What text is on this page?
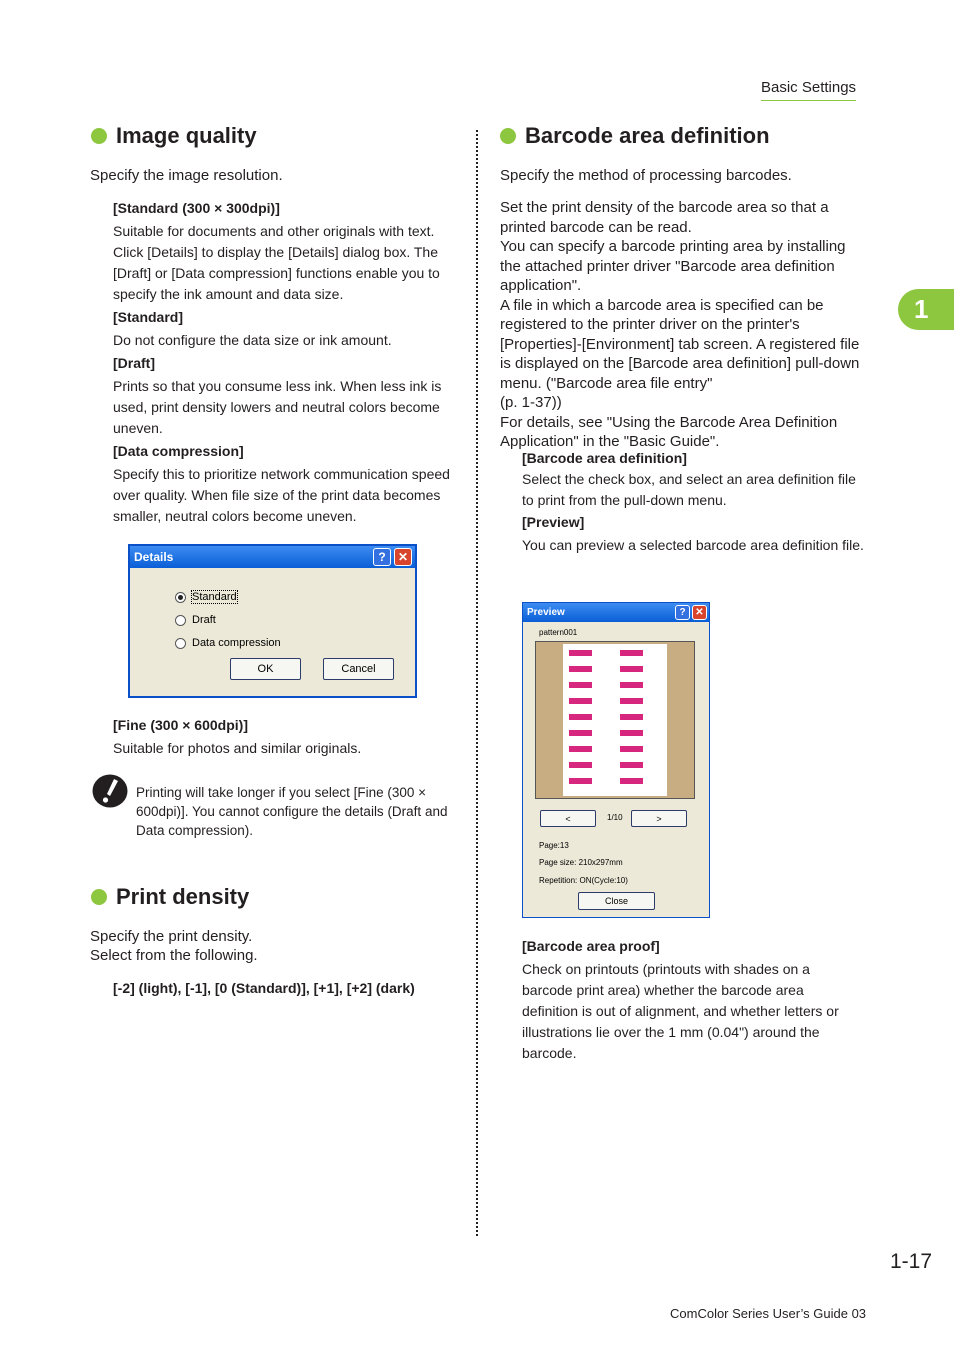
Basic Settings
1
Image quality
Specify the image resolution.
[Standard (300 × 300dpi)]
Suitable for documents and other originals with text. Click [Details] to display the [Details] dialog box. The [Draft] or [Data compression] functions enable you to specify the ink amount and data size.
[Standard]
Do not configure the data size or ink amount.
[Draft]
Prints so that you consume less ink. When less ink is used, print density lowers and neutral colors become uneven.
[Data compression]
Specify this to prioritize network communication speed over quality. When file size of the print data becomes smaller, neutral colors become uneven.
Details	?	✕
Standard
Draft
Data compression
OK	Cancel
[Fine (300 × 600dpi)]
Suitable for photos and similar originals.
Printing will take longer if you select [Fine (300 × 600dpi)]. You cannot configure the details (Draft and Data compression).
Print density
Specify the print density.
Select from the following.
[-2] (light), [-1], [0 (Standard)], [+1], [+2] (dark)
Barcode area definition
Specify the method of processing barcodes.
Set the print density of the barcode area so that a printed barcode can be read.
You can specify a barcode printing area by installing the attached printer driver "Barcode area definition application".
A file in which a barcode area is specified can be registered to the printer driver on the printer's [Properties]-[Environment] tab screen. A registered file is displayed on the [Barcode area definition] pull-down menu. ("Barcode area file entry"
(p. 1-37))
For details, see "Using the Barcode Area Definition Application" in the "Basic Guide".
[Barcode area definition]
Select the check box, and select an area definition file to print from the pull-down menu.
[Preview]
You can preview a selected barcode area definition file.
Preview	? ✕
pattern001
<	1/10	>
Page:13
Page size: 210x297mm
Repetition: ON(Cycle:10)
Close
[Barcode area proof]
Check on printouts (printouts with shades on a barcode print area) whether the barcode area definition is out of alignment, and whether letters or illustrations lie over the 1 mm (0.04") around the barcode.
1-17
ComColor Series User’s Guide 03
